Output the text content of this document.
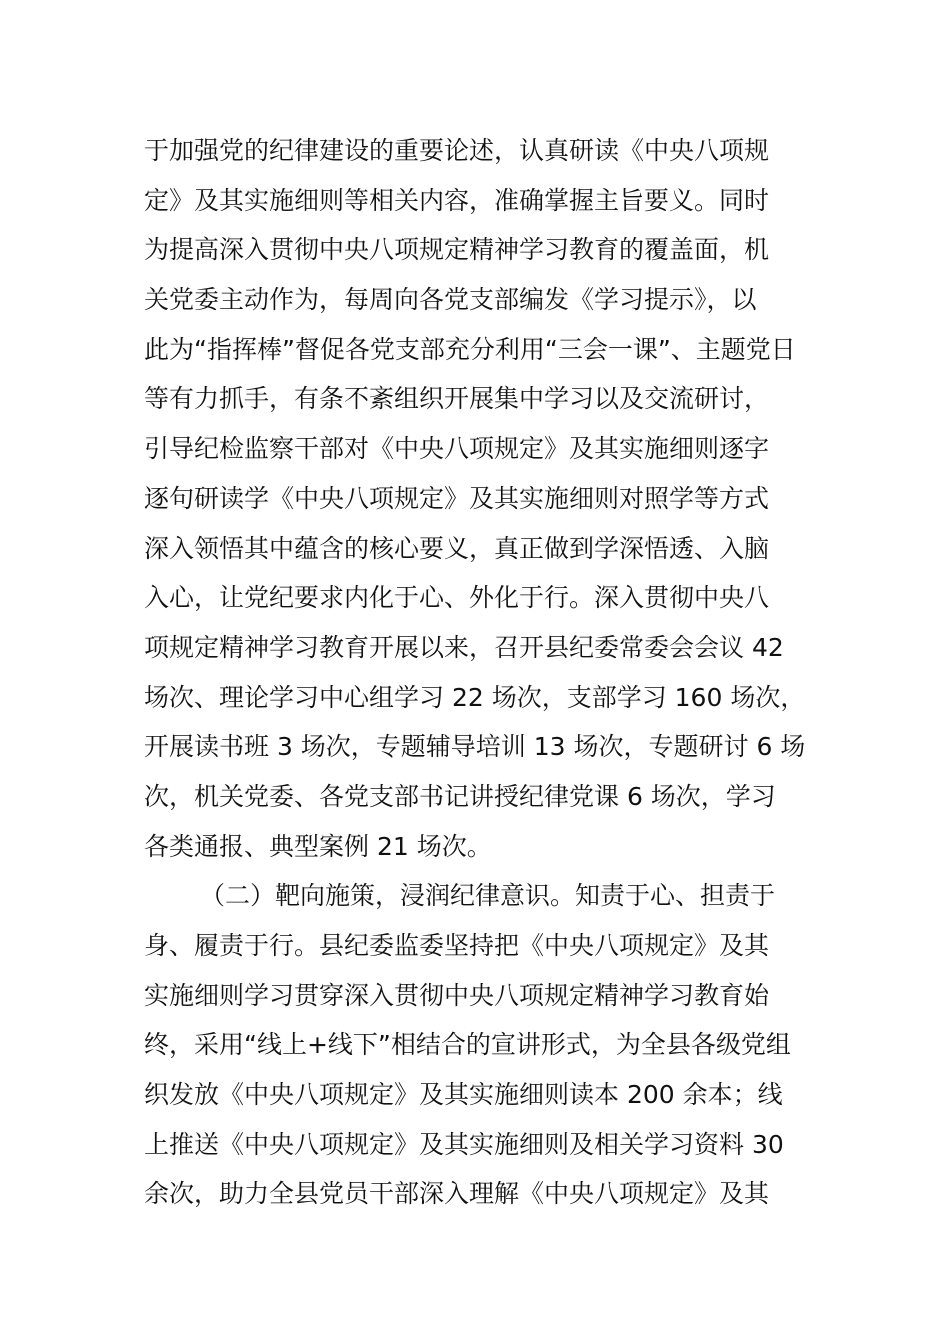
于加强党的纪律建设的重要论述，认真研读《中央八项规
定》及其实施细则等相关内容，准确掌握主旨要义。同时
为提高深入贯彻中央八项规定精神学习教育的覆盖面，机
关党委主动作为，每周向各党支部编发《学习提示》，以
此为“指挥棒”督促各党支部充分利用“三会一课”、主题党日
等有力抓手，有条不紊组织开展集中学习以及交流研讨，
引导纪检监察干部对《中央八项规定》及其实施细则逐字
逐句研读学《中央八项规定》及其实施细则对照学等方式
深入领悟其中蕴含的核心要义，真正做到学深悟透、入脑
入心，让党纪要求内化于心、外化于行。深入贯彻中央八
项规定精神学习教育开展以来，召开县纪委常委会会议 42
场次、理论学习中心组学习 22 场次，支部学习 160 场次，
开展读书班 3 场次，专题辅导培训 13 场次，专题研讨 6 场
次，机关党委、各党支部书记讲授纪律党课 6 场次，学习
各类通报、典型案例 21 场次。
（二）靶向施策，浸润纪律意识。知责于心、担责于
身、履责于行。县纪委监委坚持把《中央八项规定》及其
实施细则学习贯穿深入贯彻中央八项规定精神学习教育始
终，采用“线上+线下”相结合的宣讲形式，为全县各级党组
织发放《中央八项规定》及其实施细则读本 200 余本；线
上推送《中央八项规定》及其实施细则及相关学习资料 30
余次，助力全县党员干部深入理解《中央八项规定》及其
